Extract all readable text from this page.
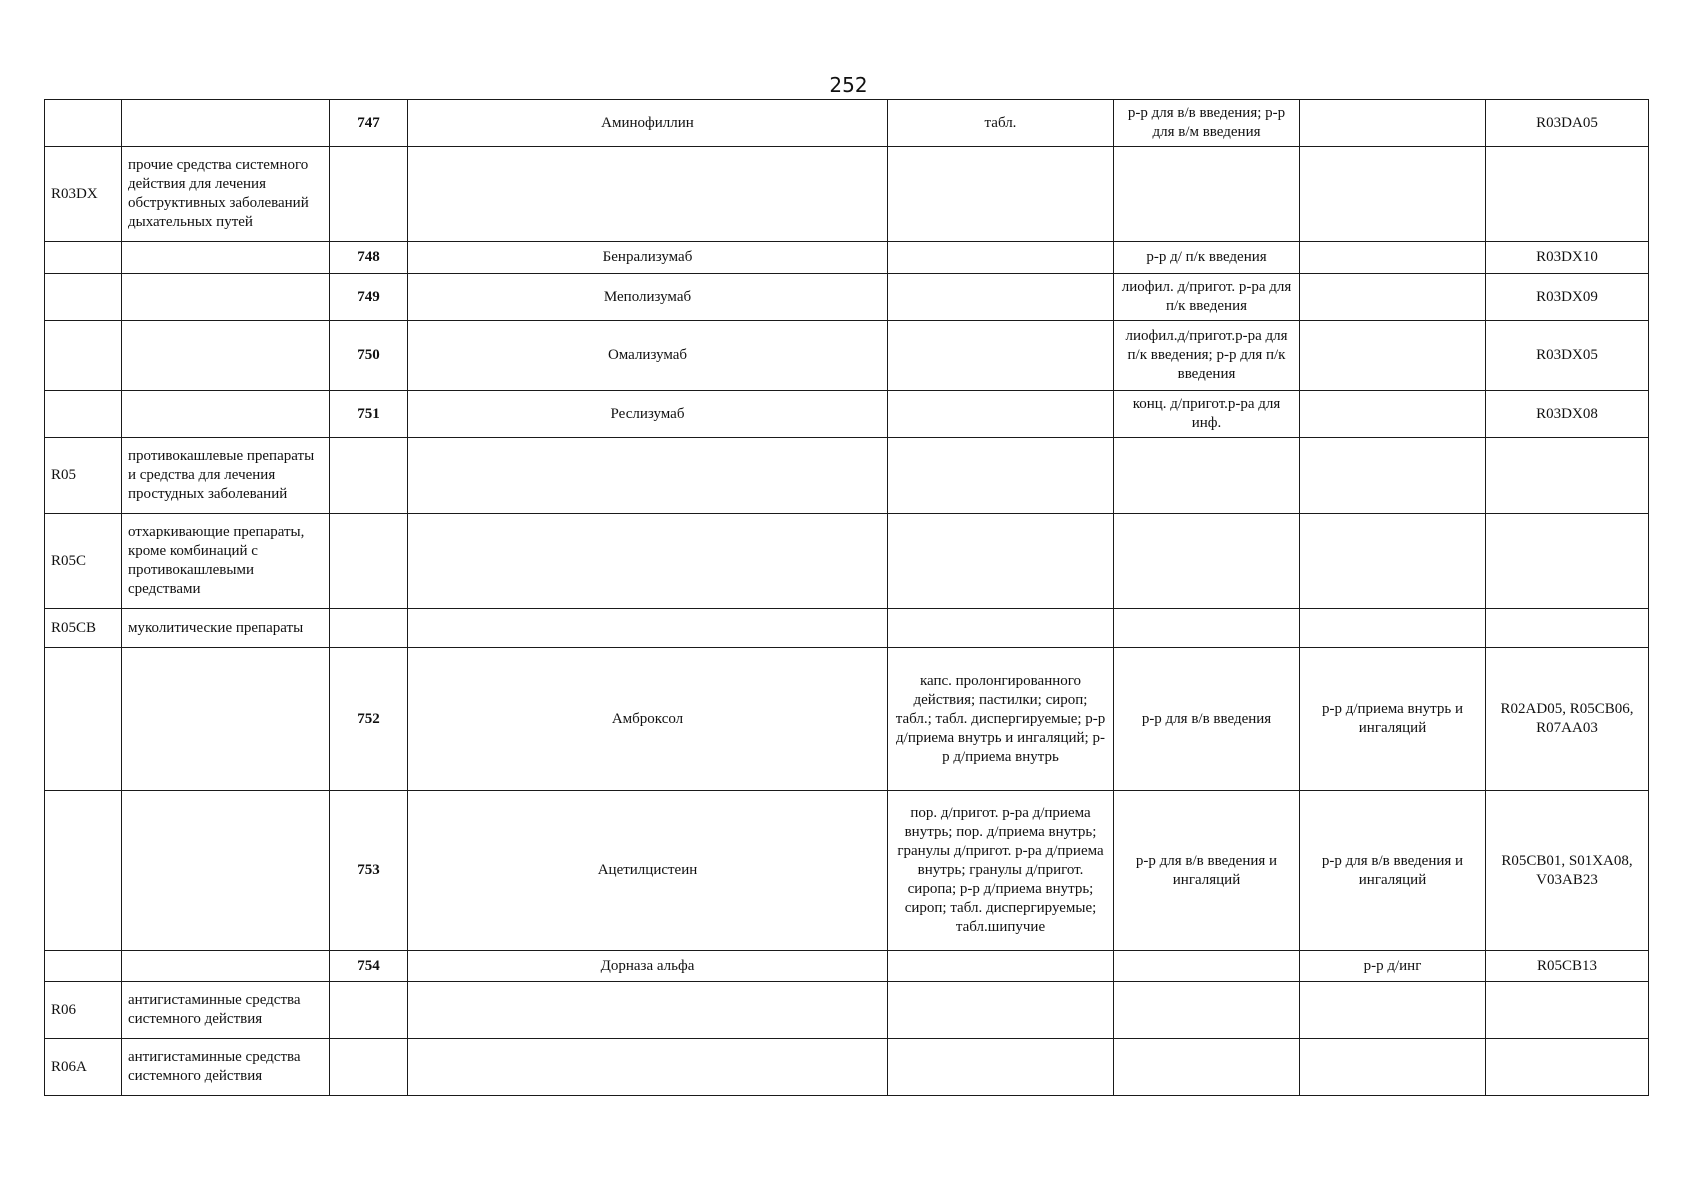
252
		747	Аминофиллин	табл.	р-р для в/в введения; р-р для в/м введения		R03DA05
R03DX	прочие средства системного действия для лечения обструктивных заболеваний дыхательных путей						
		748	Бенрализумаб		р-р д/ п/к введения		R03DX10
		749	Меполизумаб		лиофил. д/пригот. р-ра для п/к введения		R03DX09
		750	Омализумаб		лиофил.д/пригот.р-ра для п/к введения; р-р для п/к введения		R03DX05
		751	Реслизумаб		конц. д/пригот.р-ра для инф.		R03DX08
R05	противокашлевые препараты и средства для лечения простудных заболеваний						
R05C	отхаркивающие препараты, кроме комбинаций с противокашлевыми средствами						
R05CB	муколитические препараты						
		752	Амброксол	капс. пролонгированного действия; пастилки; сироп; табл.; табл. диспергируемые; р-р д/приема внутрь и ингаляций; р-р д/приема внутрь	р-р для в/в введения	р-р д/приема внутрь и ингаляций	R02AD05, R05CB06, R07AA03
		753	Ацетилцистеин	пор. д/пригот. р-ра д/приема внутрь; пор. д/приема внутрь; гранулы д/пригот. р-ра д/приема внутрь; гранулы д/пригот. сиропа; р-р д/приема внутрь; сироп; табл. диспергируемые; табл.шипучие	р-р для в/в введения и ингаляций	р-р для в/в введения и ингаляций	R05CB01, S01XA08, V03AB23
		754	Дорназа альфа			р-р д/инг	R05CB13
R06	антигистаминные средства системного действия						
R06A	антигистаминные средства системного действия						
